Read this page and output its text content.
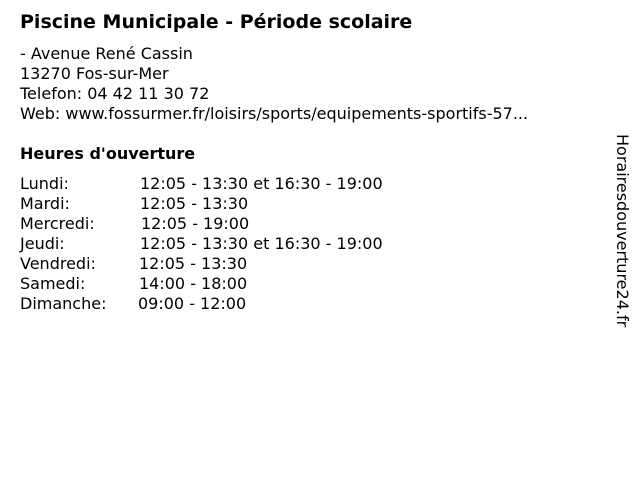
Piscine Municipale - Période scolaire
- Avenue René Cassin
13270 Fos-sur-Mer
Telefon: 04 42 11 30 72
Web: www.fossurmer.fr/loisirs/sports/equipements-sportifs-57...
Heures d'ouverture
Lundi:	12:05 - 13:30 et 16:30 - 19:00
Mardi:	12:05 - 13:30
Mercredi:	12:05 - 19:00
Jeudi:	12:05 - 13:30 et 16:30 - 19:00
Vendredi:	12:05 - 13:30
Samedi:	14:00 - 18:00
Dimanche: 09:00 - 12:00	Horairesdouverture24.fr
